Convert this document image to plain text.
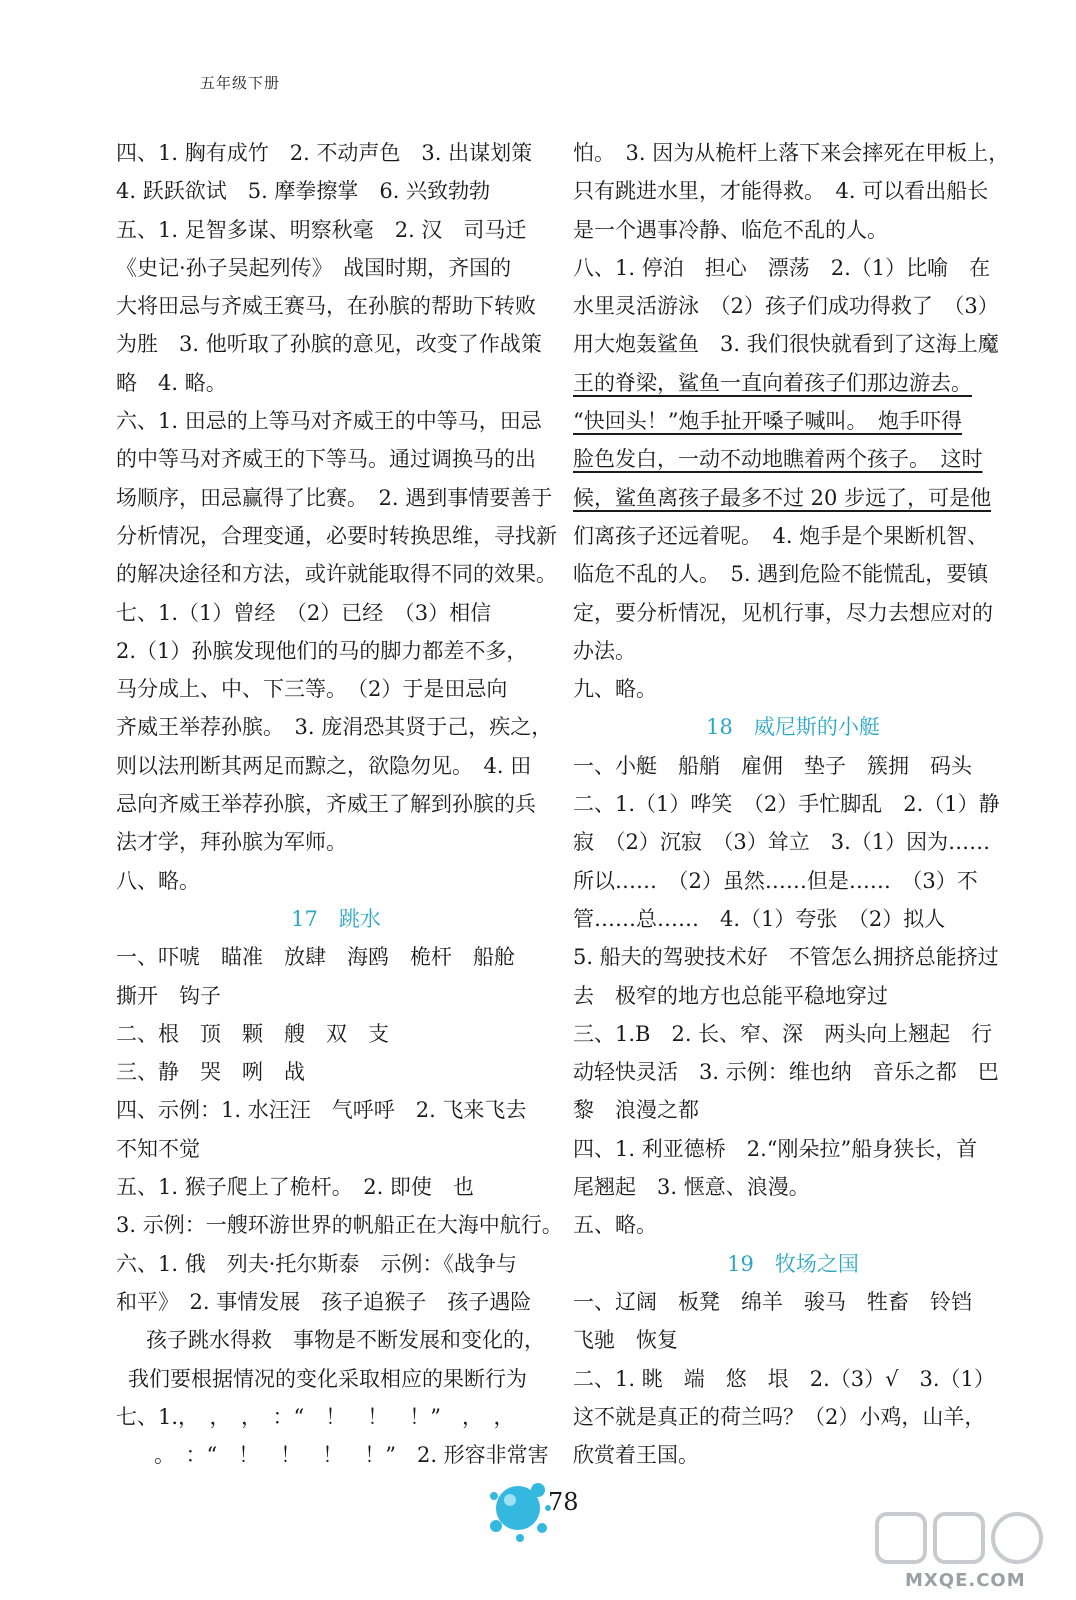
五年级下册
四、1. 胸有成竹　2. 不动声色　3. 出谋划策
4. 跃跃欲试　5. 摩拳擦掌　6. 兴致勃勃
五、1. 足智多谋、明察秋毫　2. 汉　司马迁
《史记·孙子吴起列传》　战国时期，齐国的
大将田忌与齐威王赛马，在孙膑的帮助下转败
为胜　3. 他听取了孙膑的意见，改变了作战策
略　4. 略。
六、1. 田忌的上等马对齐威王的中等马，田忌
的中等马对齐威王的下等马。通过调换马的出
场顺序，田忌赢得了比赛。　2. 遇到事情要善于
分析情况，合理变通，必要时转换思维，寻找新
的解决途径和方法，或许就能取得不同的效果。
七、1.（1）曾经　（2）已经　（3）相信
2.（1）孙膑发现他们的马的脚力都差不多，
马分成上、中、下三等。　（2）于是田忌向
齐威王举荐孙膑。　3. 庞涓恐其贤于己，疾之，
则以法刑断其两足而黥之，欲隐勿见。　4. 田
忌向齐威王举荐孙膑，齐威王了解到孙膑的兵
法才学，拜孙膑为军师。
八、略。
17　跳水
一、吓唬　瞄准　放肆　海鸥　桅杆　船舱
撕开　钩子
二、根　顶　颗　艘　双　支
三、静　哭　咧　战
四、示例：1. 水汪汪　气呼呼　2. 飞来飞去
不知不觉
五、1. 猴子爬上了桅杆。　2. 即使　也
3. 示例：一艘环游世界的帆船正在大海中航行。
六、1. 俄　列夫·托尔斯泰　示例：《战争与
和平》　2. 事情发展　孩子追猴子　孩子遇险
孩子跳水得救　事物是不断发展和变化的，
我们要根据情况的变化采取相应的果断行为
七、1.，　，　，　：“　！　！　！”　，　，
。　：“　！　！　！　！”　2. 形容非常害
怕。　3. 因为从桅杆上落下来会摔死在甲板上，
只有跳进水里，才能得救。　4. 可以看出船长
是一个遇事冷静、临危不乱的人。
八、1. 停泊　担心　漂荡　2.（1）比喻　在
水里灵活游泳　（2）孩子们成功得救了　（3）
用大炮轰鲨鱼　3. 我们很快就看到了这海上魔
王的脊梁，鲨鱼一直向着孩子们那边游去。
“快回头！”炮手扯开嗓子喊叫。　炮手吓得
脸色发白，一动不动地瞧着两个孩子。　这时
候，鲨鱼离孩子最多不过 20 步远了，可是他
们离孩子还远着呢。　4. 炮手是个果断机智、
临危不乱的人。　5. 遇到危险不能慌乱，要镇
定，要分析情况，见机行事，尽力去想应对的
办法。
九、略。
18　威尼斯的小艇
一、小艇　船艄　雇佣　垫子　簇拥　码头
二、1.（1）哗笑　（2）手忙脚乱　2.（1）静
寂　（2）沉寂　（3）耸立　3.（1）因为……
所以……　（2）虽然……但是……　（3）不
管……总……　4.（1）夸张　（2）拟人
5. 船夫的驾驶技术好　不管怎么拥挤总能挤过
去　极窄的地方也总能平稳地穿过
三、1.B　2. 长、窄、深　两头向上翘起　行
动轻快灵活　3. 示例：维也纳　音乐之都　巴
黎　浪漫之都
四、1. 利亚德桥　2.“刚朵拉”船身狭长，首
尾翘起　3. 惬意、浪漫。
五、略。
19　牧场之国
一、辽阔　板凳　绵羊　骏马　牲畜　铃铛
飞驰　恢复
二、1. 眺　端　悠　垠　2.（3）√　3.（1）
这不就是真正的荷兰吗？（2）小鸡，山羊，
欣赏着王国。
78
MXQE.COM
